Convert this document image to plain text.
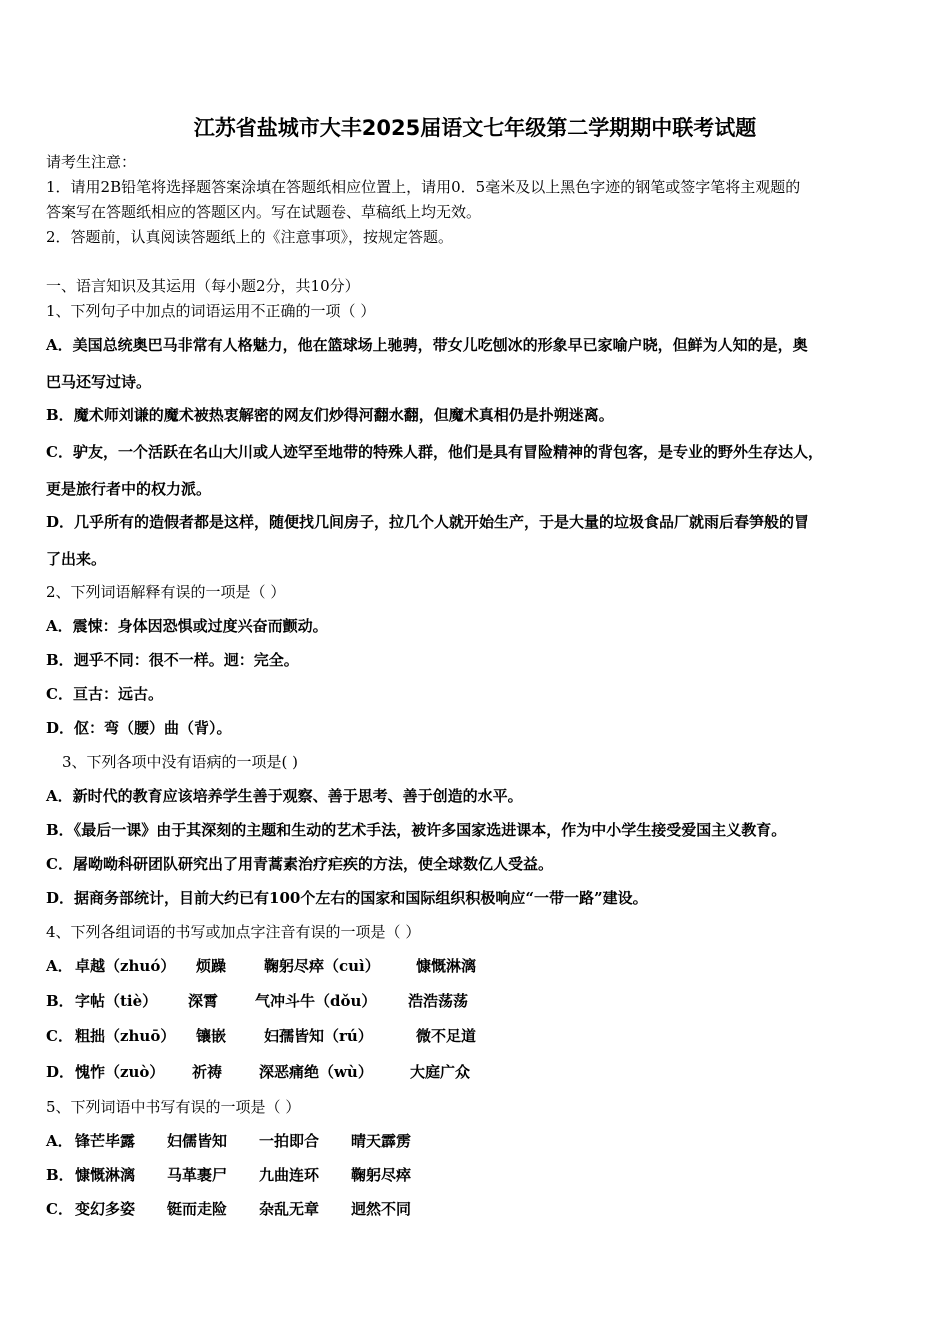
江苏省盐城市大丰2025届语文七年级第二学期期中联考试题
请考生注意：
1．请用2B铅笔将选择题答案涂填在答题纸相应位置上，请用0．5毫米及以上黑色字迹的钢笔或签字笔将主观题的
答案写在答题纸相应的答题区内。写在试题卷、草稿纸上均无效。
2．答题前，认真阅读答题纸上的《注意事项》，按规定答题。
一、语言知识及其运用（每小题2分，共10分）
1、下列句子中加点的词语运用不正确的一项（ ）
A．美国总统奥巴马非常有人格魅力，他在篮球场上驰骋，带女儿吃刨冰的形象早已家喻户晓，但鲜为人知的是，奥
巴马还写过诗。
B．魔术师刘谦的魔术被热衷解密的网友们炒得河翻水翻，但魔术真相仍是扑朔迷离。
C．驴友，一个活跃在名山大川或人迹罕至地带的特殊人群，他们是具有冒险精神的背包客，是专业的野外生存达人，
更是旅行者中的权力派。
D．几乎所有的造假者都是这样，随便找几间房子，拉几个人就开始生产，于是大量的垃圾食品厂就雨后春笋般的冒
了出来。
2、下列词语解释有误的一项是（ ）
A．震悚：身体因恐惧或过度兴奋而颤动。
B．迥乎不同：很不一样。迥：完全。
C．亘古：远古。
D．伛：弯（腰）曲（背）。
3、下列各项中没有语病的一项是( )
A．新时代的教育应该培养学生善于观察、善于思考、善于创造的水平。
B．《最后一课》由于其深刻的主题和生动的艺术手法，被许多国家选进课本，作为中小学生接受爱国主义教育。
C．屠呦呦科研团队研究出了用青蒿素治疗疟疾的方法，使全球数亿人受益。
D．据商务部统计，目前大约已有100个左右的国家和国际组织积极响应“一带一路”建设。
4、下列各组词语的书写或加点字注音有误的一项是（ ）
A． 卓越（zhuó） 烦躁	鞠躬尽瘁（cuì） 慷慨淋漓
B． 字帖（tiè） 深霄 气冲斗牛（dǒu） 浩浩荡荡
C． 粗拙（zhuō） 镶嵌	妇孺皆知（rú）	微不足道
D． 愧怍（zuò） 祈祷 深恶痛绝（wù） 大庭广众
5、下列词语中书写有误的一项是（ ）
A． 锋芒毕露 妇儒皆知 一拍即合 晴天霹雳
B． 慷慨淋漓 马革裹尸 九曲连环 鞠躬尽瘁
C． 变幻多姿 铤而走险 杂乱无章 迥然不同
